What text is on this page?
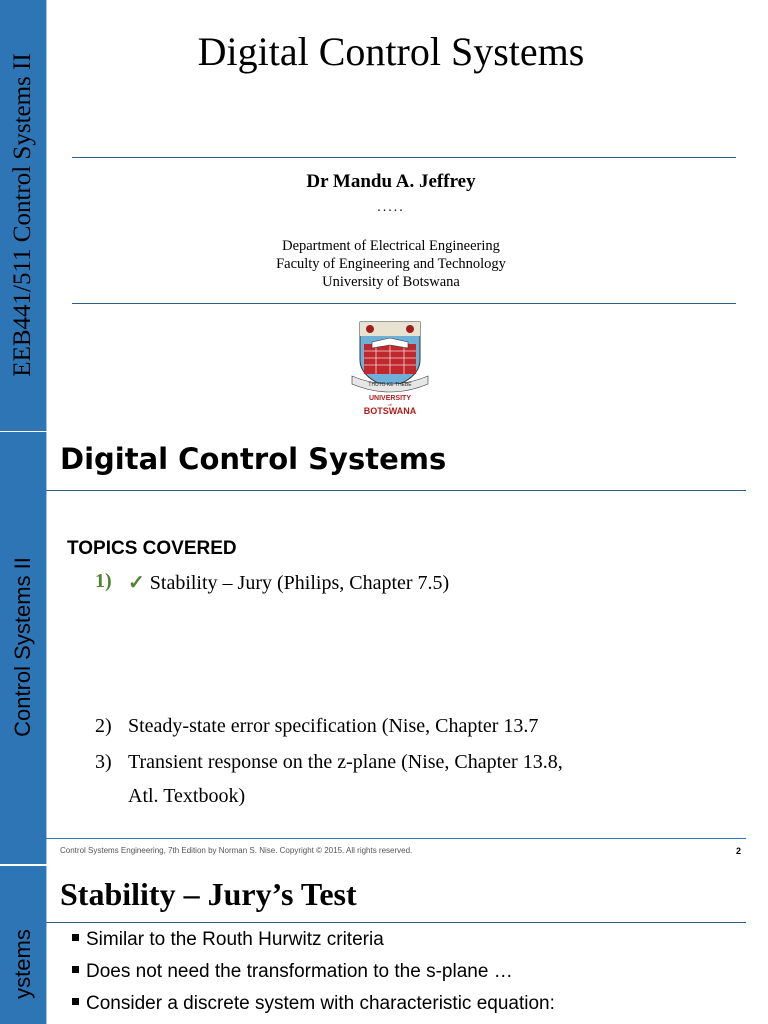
EEB441/511 Control Systems II
Digital Control Systems
Dr Mandu A. Jeffrey
.....
Department of Electrical Engineering
Faculty of Engineering and Technology
University of Botswana
THUTO KE THEBE
UNIVERSITY
of
BOTSWANA
Control Systems II
Digital Control Systems
TOPICS COVERED
1) ✓ Stability – Jury (Philips, Chapter 7.5)
2) Steady-state error specification (Nise, Chapter 13.7
3) Transient response on the z-plane (Nise, Chapter 13.8,
Atl. Textbook)
Control Systems Engineering, 7th Edition by Norman S. Nise. Copyright © 2015. All rights reserved.	2
ystems
Stability – Jury’s Test
Similar to the Routh Hurwitz criteria
Does not need the transformation to the s-plane …
Consider a discrete system with characteristic equation:
